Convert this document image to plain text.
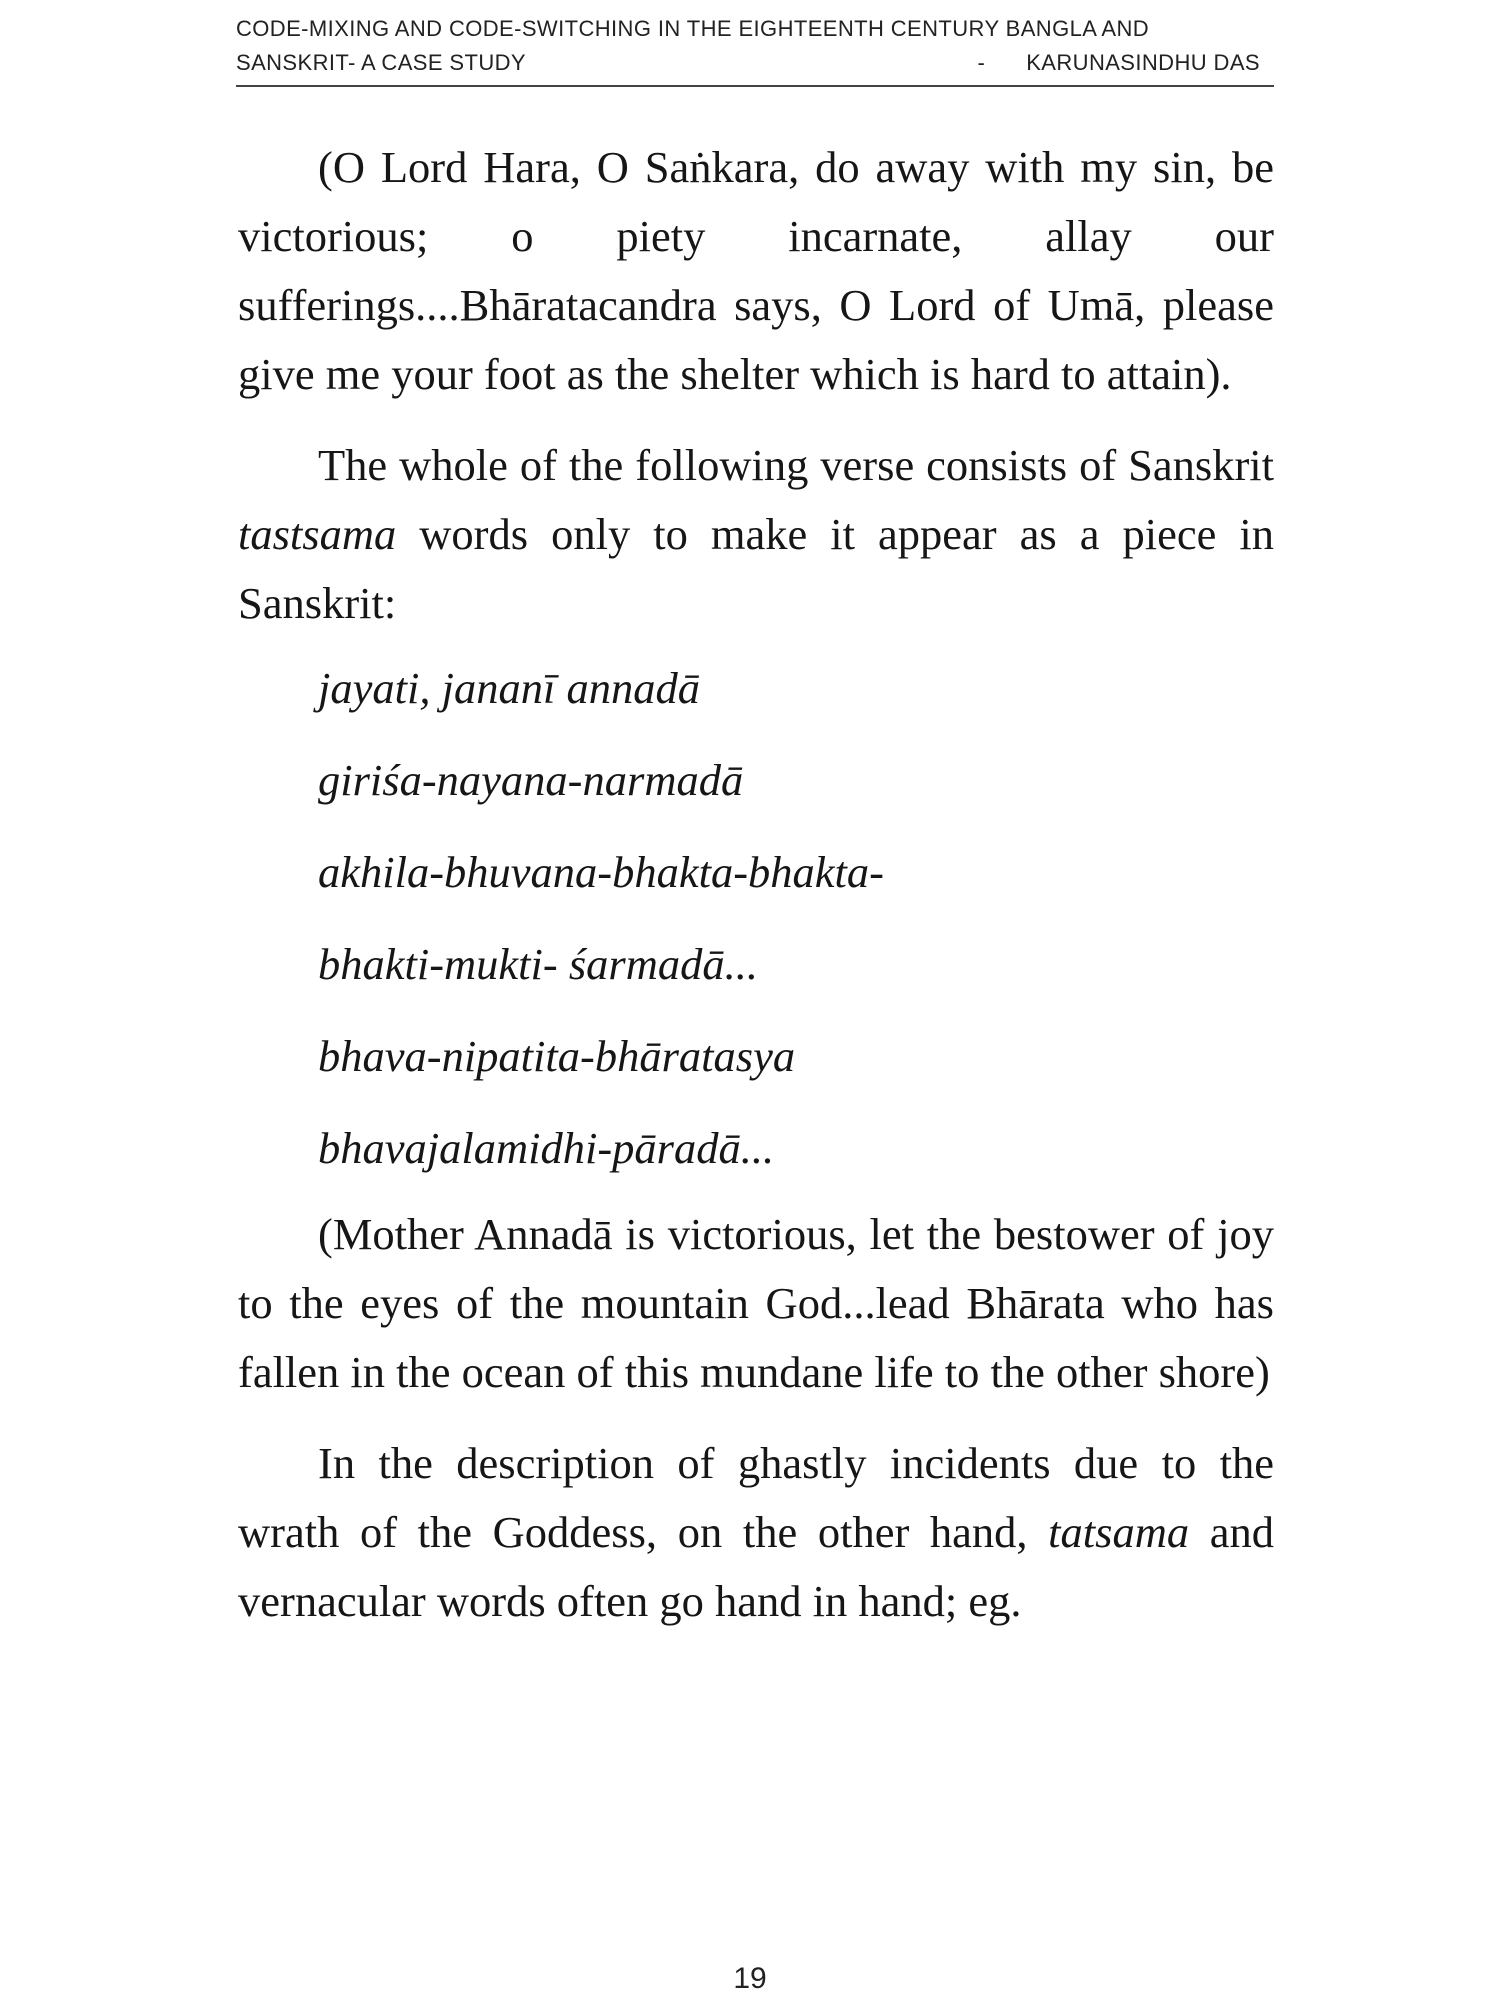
CODE-MIXING AND CODE-SWITCHING IN THE EIGHTEENTH CENTURY BANGLA AND
SANSKRIT- A CASE STUDY	- KARUNASINDHU DAS

(O Lord Hara, O Saṅkara, do away with my sin, be victorious; o piety incarnate, allay our sufferings....Bhāratacandra says, O Lord of Umā, please give me your foot as the shelter which is hard to attain).

The whole of the following verse consists of Sanskrit tastsama words only to make it appear as a piece in Sanskrit:

jayati, jananī annadā

giriśa-nayana-narmadā

akhila-bhuvana-bhakta-bhakta-

bhakti-mukti- śarmadā...

bhava-nipatita-bhāratasya

bhavajalamidhi-pāradā...

(Mother Annadā is victorious, let the bestower of joy to the eyes of the mountain God...lead Bhārata who has fallen in the ocean of this mundane life to the other shore)

In the description of ghastly incidents due to the wrath of the Goddess, on the other hand, tatsama and vernacular words often go hand in hand; eg.

19
